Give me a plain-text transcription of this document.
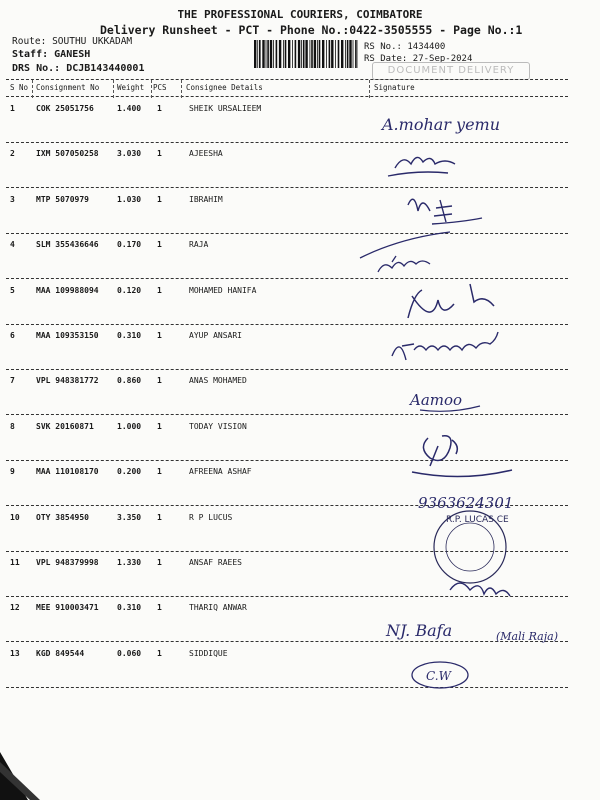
THE PROFESSIONAL COURIERS, COIMBATORE
Delivery Runsheet - PCT - Phone No.:0422-3505555 - Page No.:1
Route: SOUTHU UKKADAM
Staff: GANESH
DRS No.: DCJB143440001
RS No.: 1434400
RS Date: 27-Sep-2024
DOCUMENT DELIVERY
S No Consignment No Weight PCS	Consignee Details	Signature
1	COK 25051756	1.400 1	SHEIK URSALIEEM
2	IXM 507050258 3.030 1	AJEESHA
3	MTP 5070979	1.030 1	IBRAHIM
4	SLM 355436646 0.170 1	RAJA
5	MAA 109988094 0.120 1	MOHAMED HANIFA
6	MAA 109353150 0.310 1	AYUP ANSARI
7	VPL 948381772 0.860 1	ANAS MOHAMED
8	SVK 20160871	1.000 1	TODAY VISION
9	MAA 110108170 0.200 1	AFREENA ASHAF
10 OTY 3854950	3.350 1	R P LUCUS
11 VPL 948379998 1.330 1	ANSAF RAEES
12 MEE 910003471 0.310 1	THARIQ ANWAR
13 KGD 849544	0.060 1	SIDDIQUE
A.mohar yemu
Aamoo
9363624301
R.P. LUCAS CE
NJ. Bafa	(Mali Raja)
C.W
